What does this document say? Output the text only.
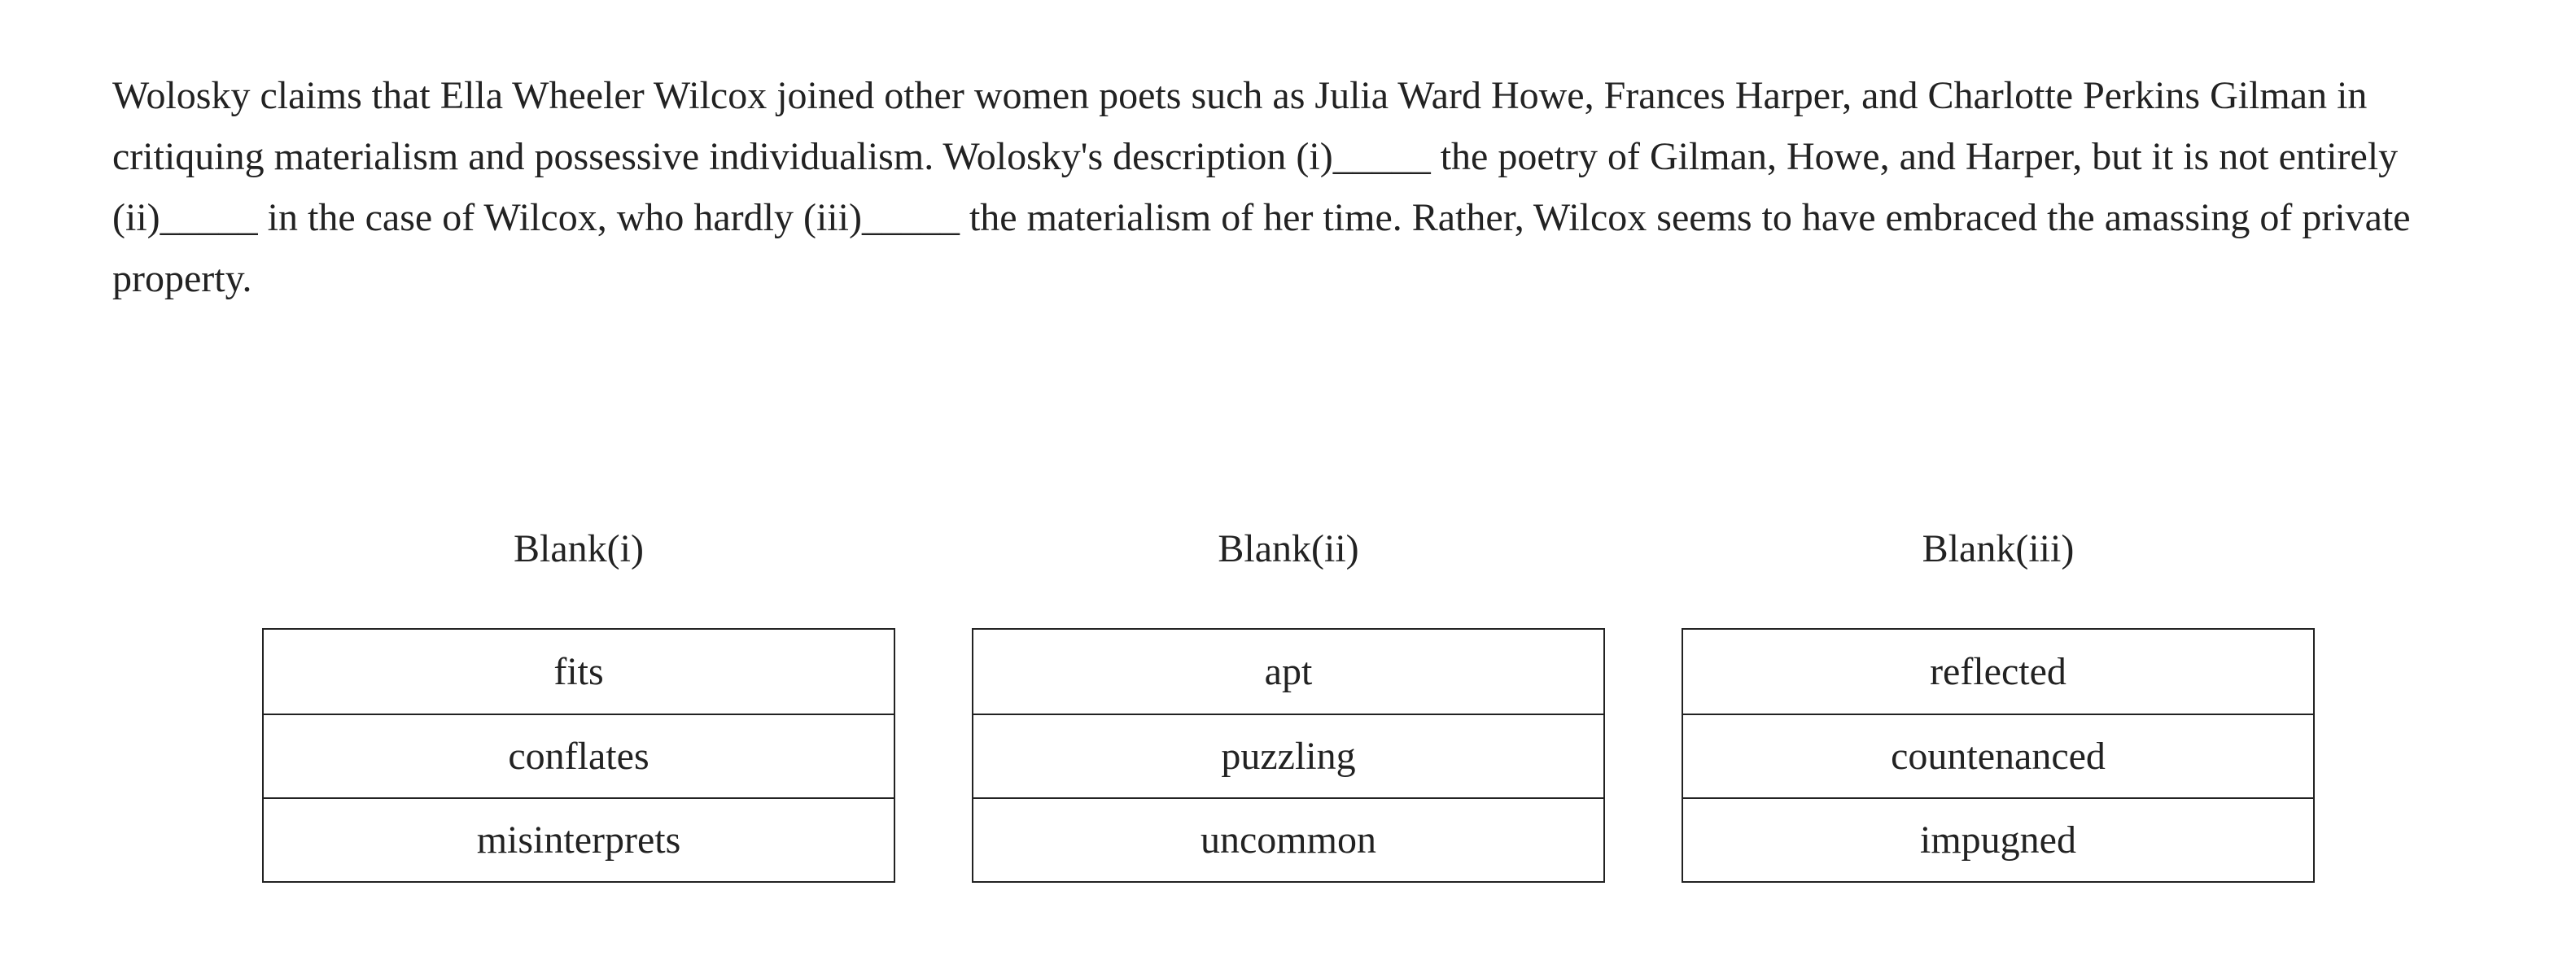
Wolosky claims that Ella Wheeler Wilcox joined other women poets such as Julia Ward Howe, Frances Harper, and Charlotte Perkins Gilman in critiquing materialism and possessive individualism. Wolosky's description (i)_____ the poetry of Gilman, Howe, and Harper, but it is not entirely (ii)_____ in the case of Wilcox, who hardly (iii)_____ the materialism of her time. Rather, Wilcox seems to have embraced the amassing of private property.

Blank(i)
fits
conflates
misinterprets
Blank(ii)
apt
puzzling
uncommon
Blank(iii)
reflected
countenanced
impugned
